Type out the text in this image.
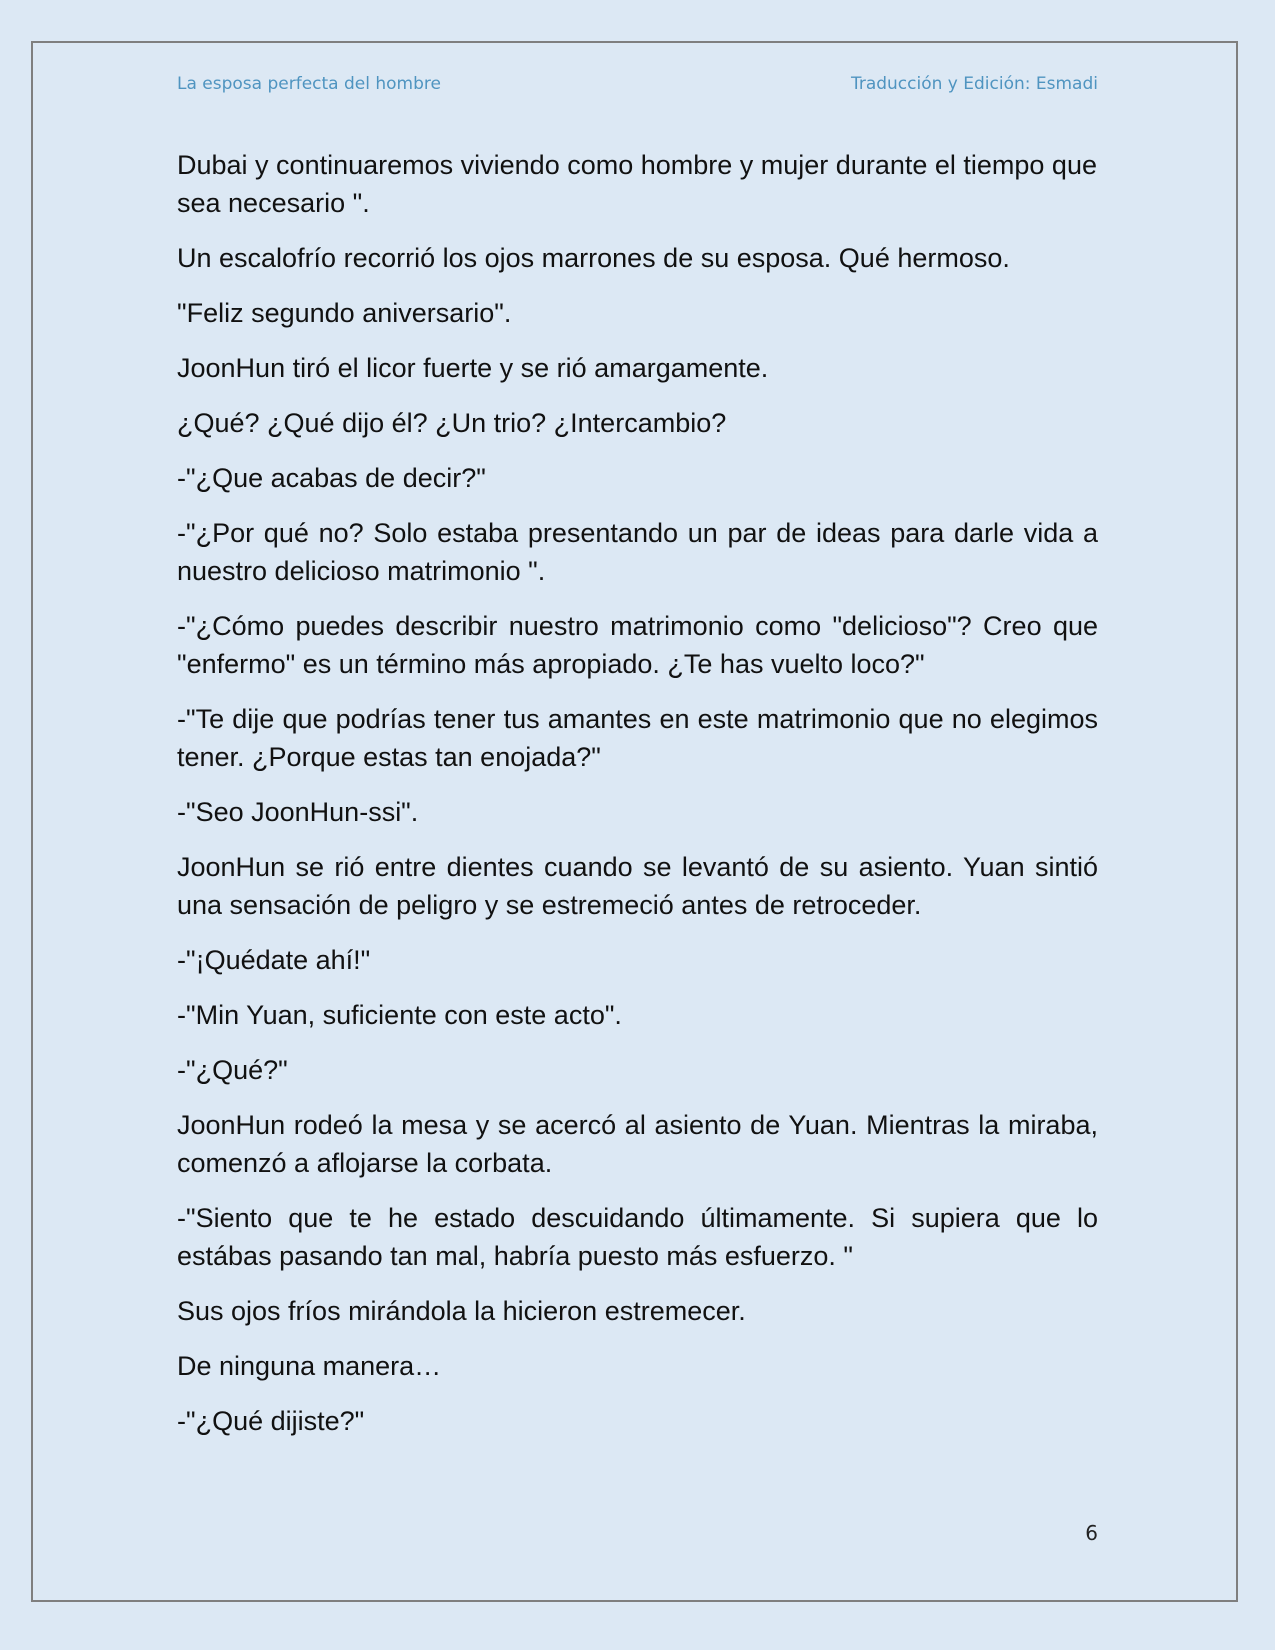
La esposa perfecta del hombre	Traducción y Edición: Esmadi

Dubai y continuaremos viviendo como hombre y mujer durante el tiempo que sea necesario ".

Un escalofrío recorrió los ojos marrones de su esposa. Qué hermoso.

"Feliz segundo aniversario".

JoonHun tiró el licor fuerte y se rió amargamente.

¿Qué? ¿Qué dijo él? ¿Un trio? ¿Intercambio?

-"¿Que acabas de decir?"

-"¿Por qué no? Solo estaba presentando un par de ideas para darle vida a nuestro delicioso matrimonio ".

-"¿Cómo puedes describir nuestro matrimonio como "delicioso"? Creo que "enfermo" es un término más apropiado. ¿Te has vuelto loco?"

-"Te dije que podrías tener tus amantes en este matrimonio que no elegimos tener. ¿Porque estas tan enojada?"

-"Seo JoonHun-ssi".

JoonHun se rió entre dientes cuando se levantó de su asiento. Yuan sintió una sensación de peligro y se estremeció antes de retroceder.

-"¡Quédate ahí!"

-"Min Yuan, suficiente con este acto".

-"¿Qué?"

JoonHun rodeó la mesa y se acercó al asiento de Yuan. Mientras la miraba, comenzó a aflojarse la corbata.

-"Siento que te he estado descuidando últimamente. Si supiera que lo estábas pasando tan mal, habría puesto más esfuerzo. "

Sus ojos fríos mirándola la hicieron estremecer.

De ninguna manera…

-"¿Qué dijiste?"

6
